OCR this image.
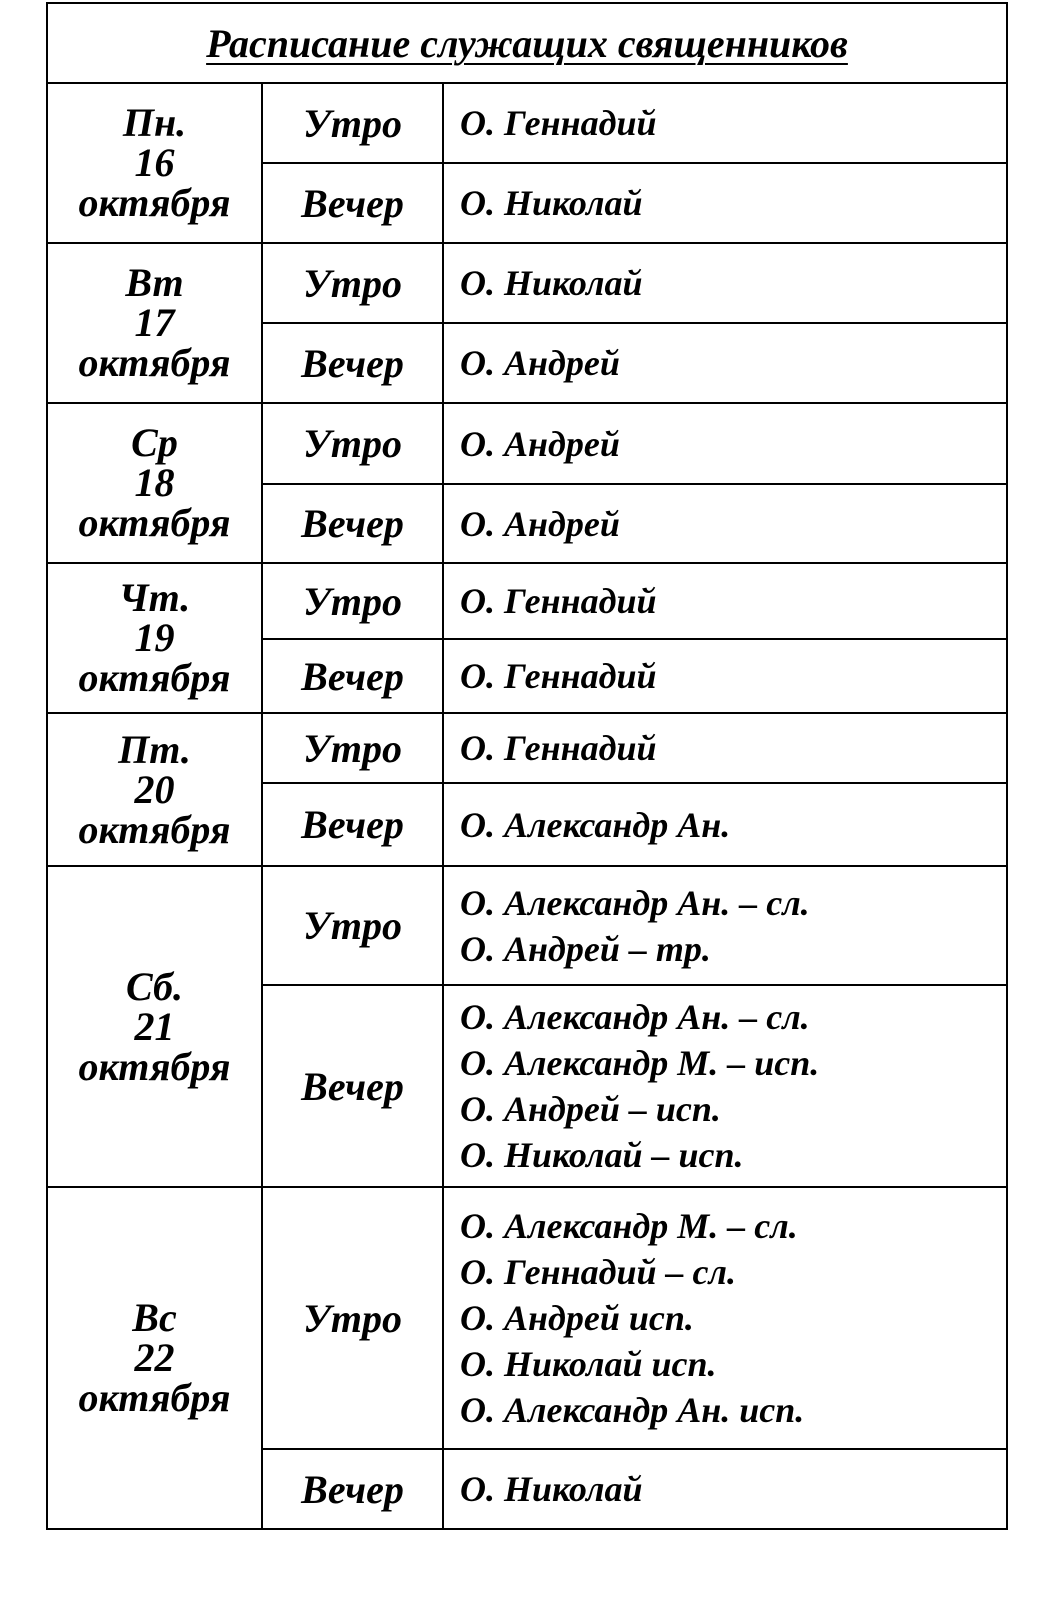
Расписание служащих священников		

Пн.
16
октября	Утро	О. Геннадий

	Вечер	О. Николай

Вт
17
октября	Утро	О. Николай

	Вечер	О. Андрей

Ср
18
октября	Утро	О. Андрей

	Вечер	О. Андрей

Чт.
19
октября	Утро	О. Геннадий

	Вечер	О. Геннадий

Пт.
20
октября	Утро	О. Геннадий

	Вечер	О. Александр Ан.

Сб.
21
октября	Утро	О. Александр Ан. – сл.
О. Андрей – тр.

	Вечер	О. Александр Ан. – сл.
О. Александр М. – исп.
О. Андрей – исп.
О. Николай – исп.

Вс
22
октября	Утро	О. Александр М. – сл.
О. Геннадий – сл.
О. Андрей исп.
О. Николай исп.
О. Александр Ан. исп.

	Вечер	О. Николай
